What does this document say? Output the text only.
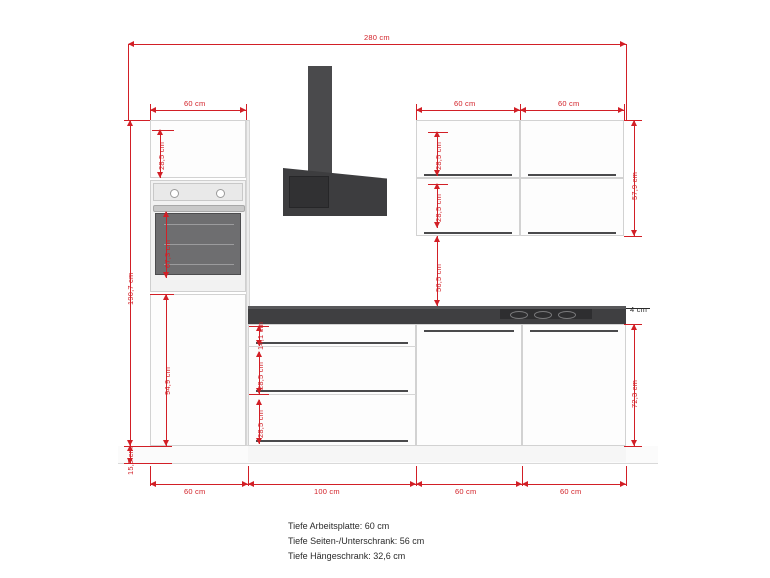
280 cm
60 cm	60 cm	60 cm
190,7 cm
15,5 cm
28,5 cm
67,3 cm
94,9 cm
28,5 cm
28,5 cm
56,5 cm
57,9 cm
4 cm
72,3 cm
14,1 cm
28,5 cm
28,5 cm
60 cm	100 cm	60 cm	60 cm
Tiefe Arbeitsplatte: 60 cm
Tiefe Seiten-/Unterschrank: 56 cm
Tiefe Hängeschrank: 32,6 cm
